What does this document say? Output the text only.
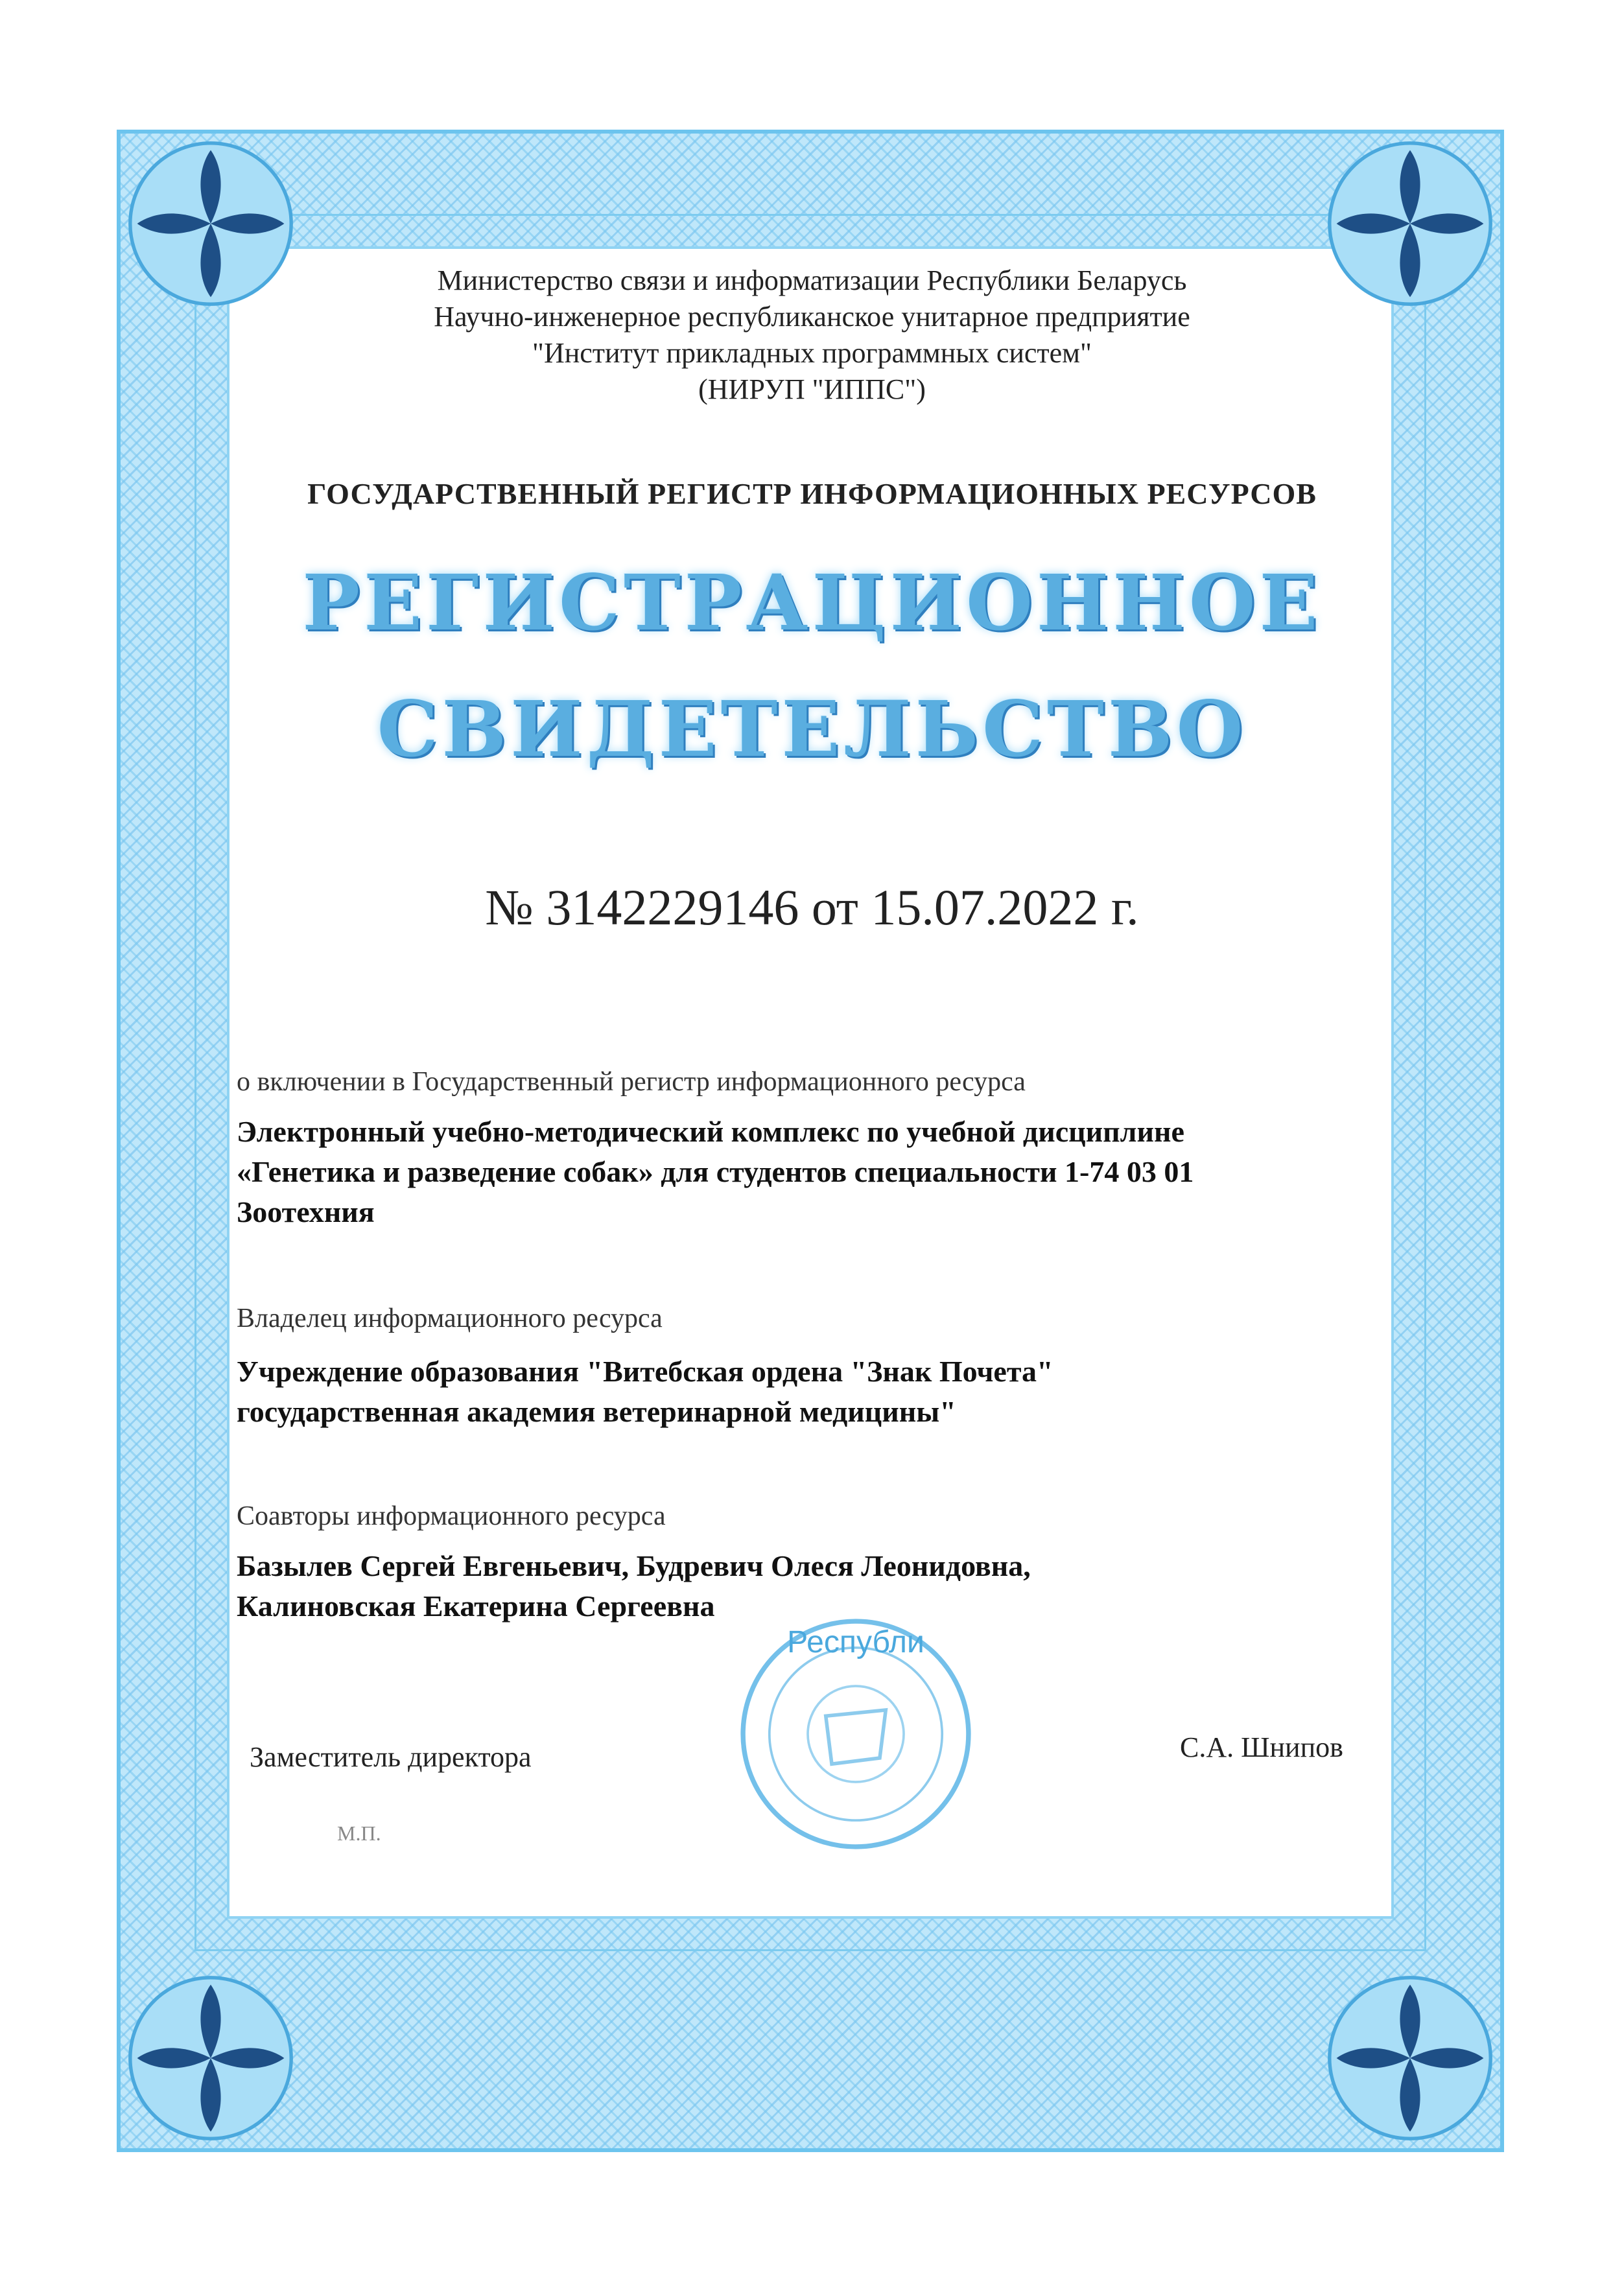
Министерство связи и информатизации Республики Беларусь
Научно-инженерное республиканское унитарное предприятие
"Институт прикладных программных систем"
(НИРУП "ИППС")
ГОСУДАРСТВЕННЫЙ РЕГИСТР ИНФОРМАЦИОННЫХ РЕСУРСОВ
РЕГИСТРАЦИОННОЕ
СВИДЕТЕЛЬСТВО
№ 3142229146 от 15.07.2022 г.
о включении в Государственный регистр информационного ресурса
Электронный учебно-методический комплекс по учебной дисциплине
«Генетика и разведение собак» для студентов специальности 1-74 03 01
Зоотехния
Владелец информационного ресурса
Учреждение образования "Витебская ордена "Знак Почета"
государственная академия ветеринарной медицины"
Соавторы информационного ресурса
Базылев Сергей Евгеньевич, Будревич Олеся Леонидовна,
Калиновская Екатерина Сергеевна
Республи
Заместитель директора	С.А. Шнипов
М.П.
